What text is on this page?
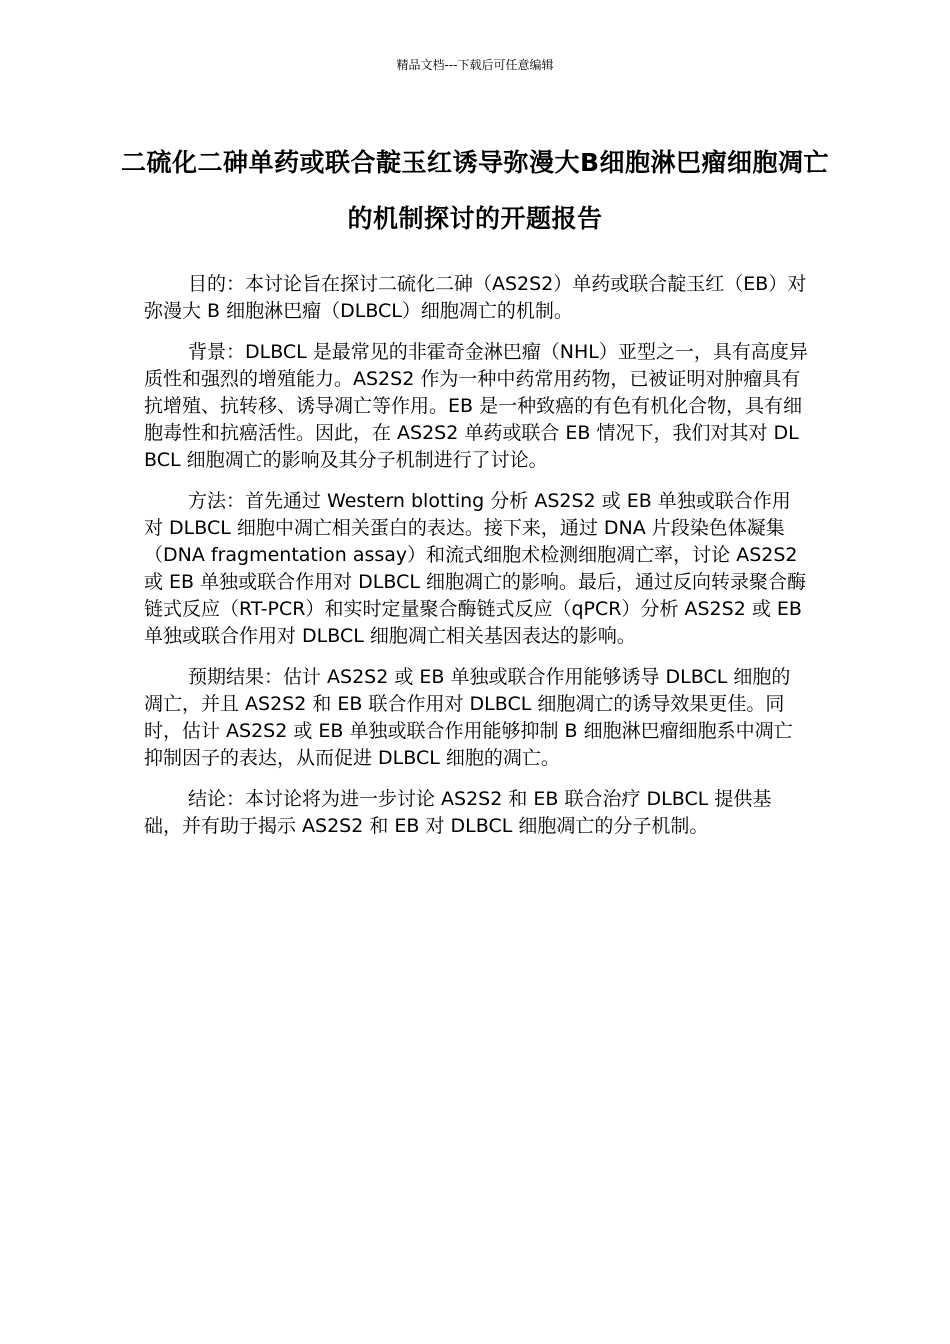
精品文档---下载后可任意编辑
二硫化二砷单药或联合靛玉红诱导弥漫大B细胞淋巴瘤细胞凋亡的机制探讨的开题报告

目的：本讨论旨在探讨二硫化二砷（AS2S2）单药或联合靛玉红（EB）对弥漫大 B 细胞淋巴瘤（DLBCL）细胞凋亡的机制。

背景：DLBCL 是最常见的非霍奇金淋巴瘤（NHL）亚型之一，具有高度异质性和强烈的增殖能力。AS2S2 作为一种中药常用药物，已被证明对肿瘤具有抗增殖、抗转移、诱导凋亡等作用。EB 是一种致癌的有色有机化合物，具有细胞毒性和抗癌活性。因此，在 AS2S2 单药或联合 EB 情况下，我们对其对 DLBCL 细胞凋亡的影响及其分子机制进行了讨论。

方法：首先通过 Western blotting 分析 AS2S2 或 EB 单独或联合作用对 DLBCL 细胞中凋亡相关蛋白的表达。接下来，通过 DNA 片段染色体凝集（DNA fragmentation assay）和流式细胞术检测细胞凋亡率，讨论 AS2S2 或 EB 单独或联合作用对 DLBCL 细胞凋亡的影响。最后，通过反向转录聚合酶链式反应（RT-PCR）和实时定量聚合酶链式反应（qPCR）分析 AS2S2 或 EB 单独或联合作用对 DLBCL 细胞凋亡相关基因表达的影响。

预期结果：估计 AS2S2 或 EB 单独或联合作用能够诱导 DLBCL 细胞的凋亡，并且 AS2S2 和 EB 联合作用对 DLBCL 细胞凋亡的诱导效果更佳。同时，估计 AS2S2 或 EB 单独或联合作用能够抑制 B 细胞淋巴瘤细胞系中凋亡抑制因子的表达，从而促进 DLBCL 细胞的凋亡。

结论：本讨论将为进一步讨论 AS2S2 和 EB 联合治疗 DLBCL 提供基础，并有助于揭示 AS2S2 和 EB 对 DLBCL 细胞凋亡的分子机制。
